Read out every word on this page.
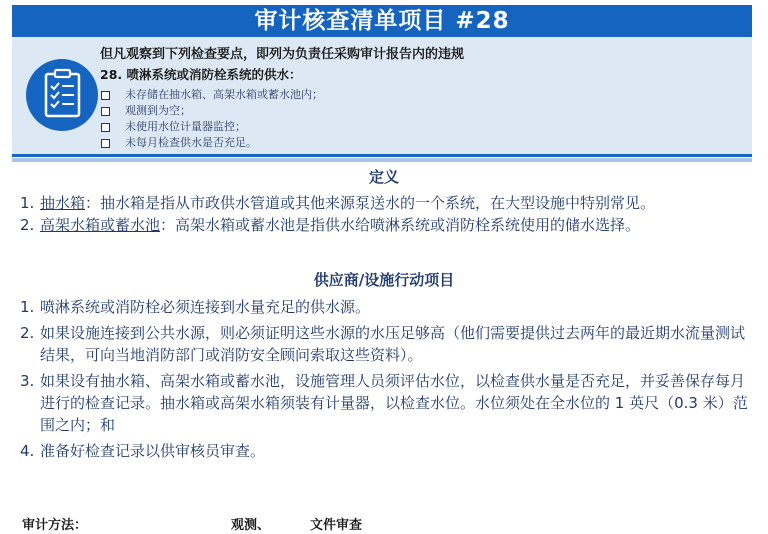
审计核查清单项目 #28
但凡观察到下列检查要点，即列为负责任采购审计报告内的违规
28. 喷淋系统或消防栓系统的供水：
未存储在抽水箱、高架水箱或蓄水池内；
观测到为空；
未使用水位计量器监控；
未每月检查供水是否充足。
定义
1. 抽水箱：抽水箱是指从市政供水管道或其他来源泵送水的一个系统，在大型设施中特别常见。
2. 高架水箱或蓄水池：高架水箱或蓄水池是指供水给喷淋系统或消防栓系统使用的储水选择。
供应商/设施行动项目
1. 喷淋系统或消防栓必须连接到水量充足的供水源。
2. 如果设施连接到公共水源，则必须证明这些水源的水压足够高（他们需要提供过去两年的最近期水流量测试结果，可向当地消防部门或消防安全顾问索取这些资料）。
3. 如果设有抽水箱、高架水箱或蓄水池，设施管理人员须评估水位，以检查供水量是否充足，并妥善保存每月进行的检查记录。抽水箱或高架水箱须装有计量器，以检查水位。水位须处在全水位的 1 英尺（0.3 米）范围之内；和
4. 准备好检查记录以供审核员审查。
审计方法：	观测、	文件审查
